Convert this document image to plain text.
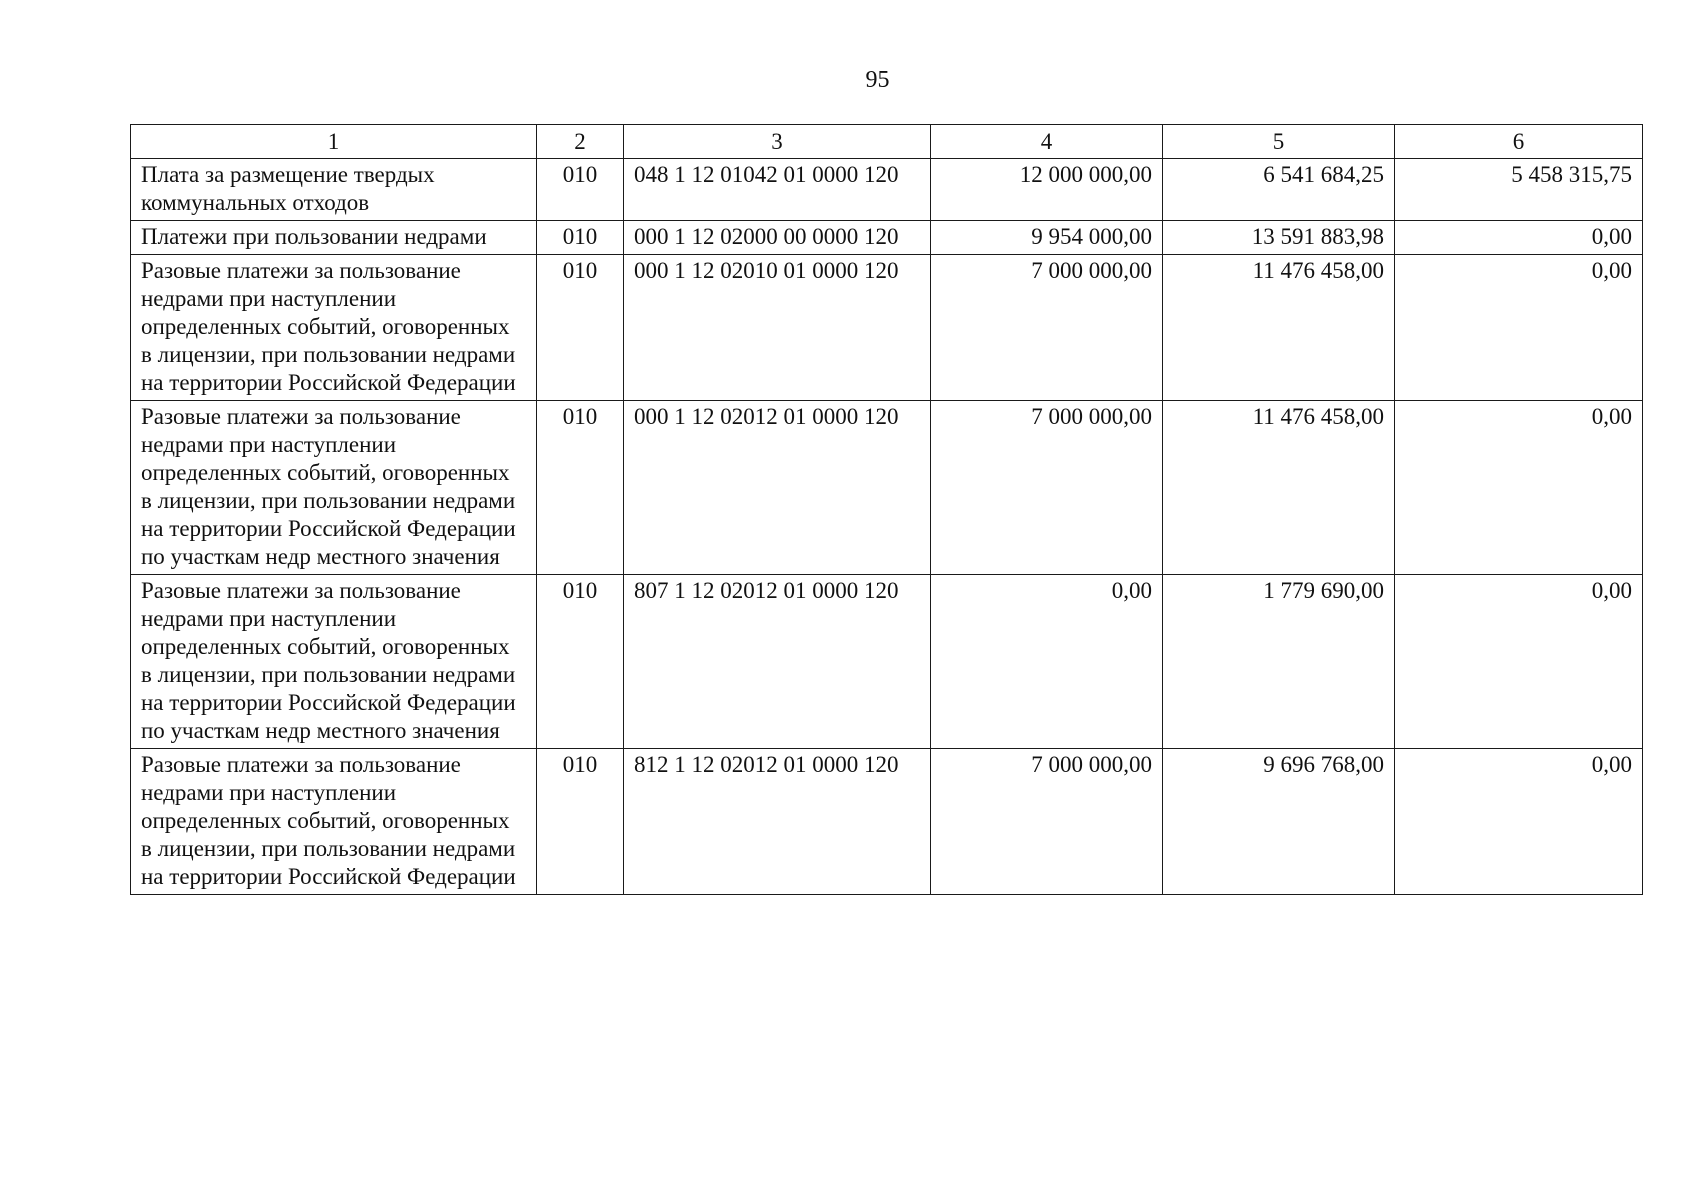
95
1	2	3	4	5	6
Плата за размещение твердых коммунальных отходов	010	048 1 12 01042 01 0000 120	12 000 000,00	6 541 684,25	5 458 315,75
Платежи при пользовании недрами	010	000 1 12 02000 00 0000 120	9 954 000,00	13 591 883,98	0,00
Разовые платежи за пользование недрами при наступлении определенных событий, оговоренных в лицензии, при пользовании недрами на территории Российской Федерации	010	000 1 12 02010 01 0000 120	7 000 000,00	11 476 458,00	0,00
Разовые платежи за пользование недрами при наступлении определенных событий, оговоренных в лицензии, при пользовании недрами на территории Российской Федерации по участкам недр местного значения	010	000 1 12 02012 01 0000 120	7 000 000,00	11 476 458,00	0,00
Разовые платежи за пользование недрами при наступлении определенных событий, оговоренных в лицензии, при пользовании недрами на территории Российской Федерации по участкам недр местного значения	010	807 1 12 02012 01 0000 120	0,00	1 779 690,00	0,00
Разовые платежи за пользование недрами при наступлении определенных событий, оговоренных в лицензии, при пользовании недрами на территории Российской Федерации	010	812 1 12 02012 01 0000 120	7 000 000,00	9 696 768,00	0,00
